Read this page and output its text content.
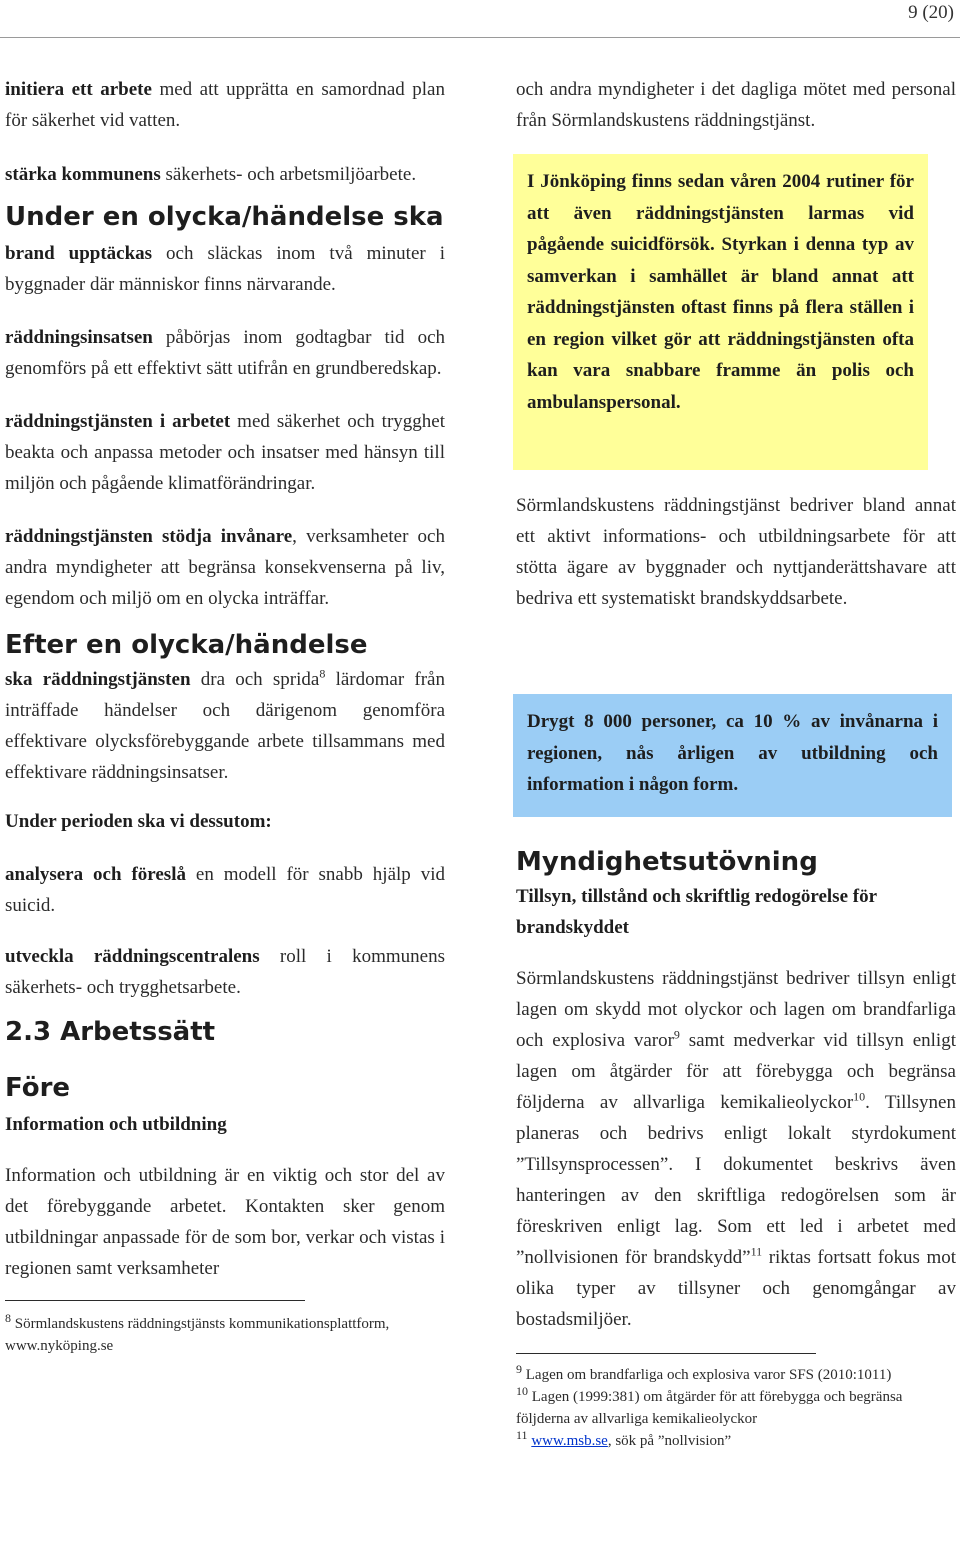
9 (20)

initiera ett arbete med att upprätta en samordnad plan för säkerhet vid vatten.

stärka kommunens säkerhets- och arbetsmiljöarbete.

Under en olycka/händelse ska

brand upptäckas och släckas inom två minuter i byggnader där människor finns närvarande.

räddningsinsatsen påbörjas inom godtagbar tid och genomförs på ett effektivt sätt utifrån en grundberedskap.

räddningstjänsten i arbetet med säkerhet och trygghet beakta och anpassa metoder och insatser med hänsyn till miljön och pågående klimatförändringar.

räddningstjänsten stödja invånare, verksamheter och andra myndigheter att begränsa konsekvenserna på liv, egendom och miljö om en olycka inträffar.

Efter en olycka/händelse

ska räddningstjänsten dra och sprida$^8$ lärdomar från inträffade händelser och därigenom genomföra effektivare olycksförebyggande arbete tillsammans med effektivare räddningsinsatser.

Under perioden ska vi dessutom:

analysera och föreslå en modell för snabb hjälp vid suicid.

utveckla räddningscentralens roll i kommunens säkerhets- och trygghetsarbete.

2.3 Arbetssätt
Före
Information och utbildning

Information och utbildning är en viktig och stor del av det förebyggande arbetet. Kontakten sker genom utbildningar anpassade för de som bor, verkar och vistas i regionen samt verksamheter

$^8$ Sörmlandskustens räddningstjänsts kommunikationsplattform, www.nyköping.se

och andra myndigheter i det dagliga mötet med personal från Sörmlandskustens räddningstjänst.

I Jönköping finns sedan våren 2004 rutiner för att även räddningstjänsten larmas vid pågående suicidförsök. Styrkan i denna typ av samverkan i samhället är bland annat att räddningstjänsten oftast finns på flera ställen i en region vilket gör att räddningstjänsten ofta kan vara snabbare framme än polis och ambulanspersonal.

Sörmlandskustens räddningstjänst bedriver bland annat ett aktivt informations- och utbildningsarbete för att stötta ägare av byggnader och nyttjanderättshavare att bedriva ett systematiskt brandskyddsarbete.

Drygt 8 000 personer, ca 10 % av invånarna i regionen, nås årligen av utbildning och information i någon form.

Myndighetsutövning
Tillsyn, tillstånd och skriftlig redogörelse för brandskyddet

Sörmlandskustens räddningstjänst bedriver tillsyn enligt lagen om skydd mot olyckor och lagen om brandfarliga och explosiva varor$^9$ samt medverkar vid tillsyn enligt lagen om åtgärder för att förebygga och begränsa följderna av allvarliga kemikalieolyckor$^{10}$. Tillsynen planeras och bedrivs enligt lokalt styrdokument ”Tillsynsprocessen”. I dokumentet beskrivs även hanteringen av den skriftliga redogörelsen som är föreskriven enligt lag. Som ett led i arbetet med ”nollvisionen för brandskydd”$^{11}$ riktas fortsatt fokus mot olika typer av tillsyner och genomgångar av bostadsmiljöer.

$^9$ Lagen om brandfarliga och explosiva varor SFS (2010:1011)

$^{10}$ Lagen (1999:381) om åtgärder för att förebygga och begränsa följderna av allvarliga kemikalieolyckor

$^{11}$ www.msb.se, sök på ”nollvision”
